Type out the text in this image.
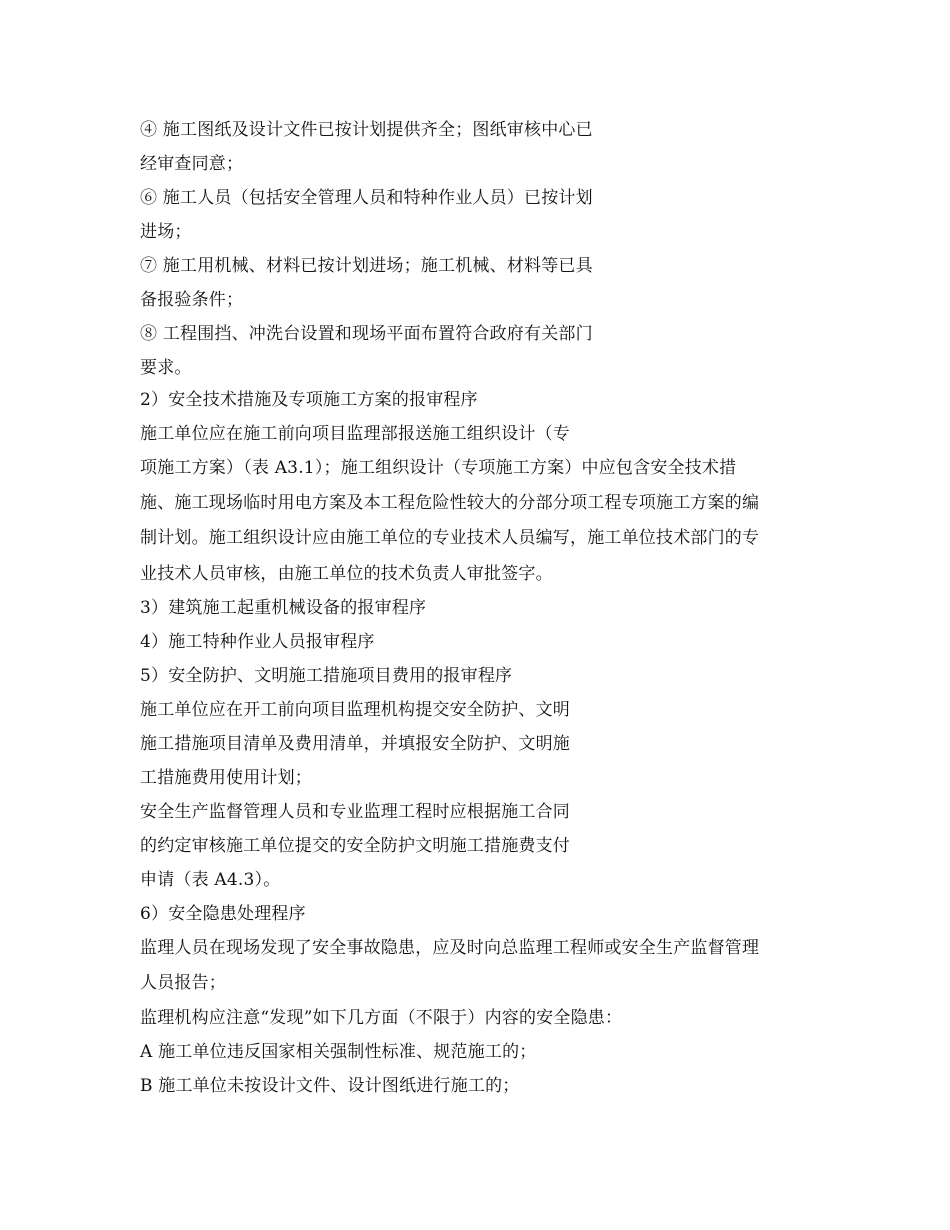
④ 施工图纸及设计文件已按计划提供齐全；图纸审核中心已
经审查同意；
⑥ 施工人员（包括安全管理人员和特种作业人员）已按计划
进场；
⑦ 施工用机械、材料已按计划进场；施工机械、材料等已具
备报验条件；
⑧ 工程围挡、冲洗台设置和现场平面布置符合政府有关部门
要求。
2）安全技术措施及专项施工方案的报审程序
施工单位应在施工前向项目监理部报送施工组织设计（专
项施工方案）（表 A3.1）；施工组织设计（专项施工方案）中应包含安全技术措
施、施工现场临时用电方案及本工程危险性较大的分部分项工程专项施工方案的编
制计划。施工组织设计应由施工单位的专业技术人员编写，施工单位技术部门的专
业技术人员审核，由施工单位的技术负责人审批签字。
3）建筑施工起重机械设备的报审程序
4）施工特种作业人员报审程序
5）安全防护、文明施工措施项目费用的报审程序
施工单位应在开工前向项目监理机构提交安全防护、文明
施工措施项目清单及费用清单，并填报安全防护、文明施
工措施费用使用计划；
安全生产监督管理人员和专业监理工程时应根据施工合同
的约定审核施工单位提交的安全防护文明施工措施费支付
申请（表 A4.3）。
6）安全隐患处理程序
监理人员在现场发现了安全事故隐患，应及时向总监理工程师或安全生产监督管理
人员报告；
监理机构应注意“发现”如下几方面（不限于）内容的安全隐患：
A 施工单位违反国家相关强制性标准、规范施工的；
B 施工单位未按设计文件、设计图纸进行施工的；
